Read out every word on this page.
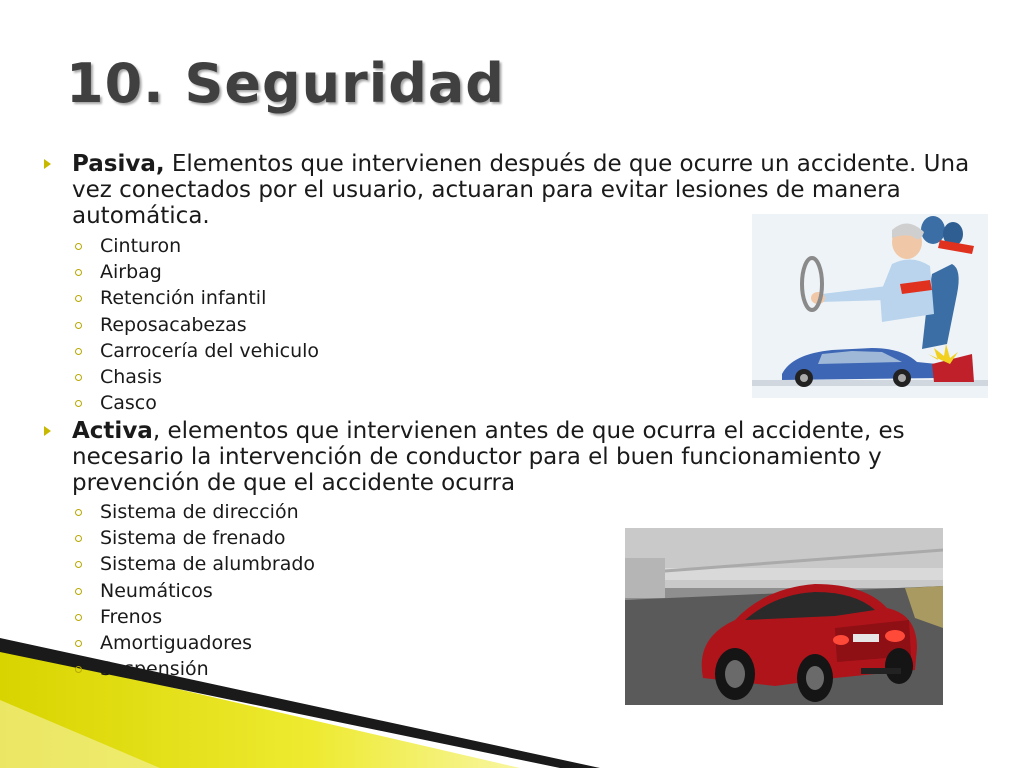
10. Seguridad
Pasiva, Elementos que intervienen después de que ocurre un accidente. Una vez conectados por el usuario, actuaran para evitar lesiones de manera automática.
Cinturon
Airbag
Retención infantil
Reposacabezas
Carrocería del vehiculo
Chasis
Casco
Activa, elementos que intervienen antes de que ocurra el accidente, es necesario la intervención de conductor para el buen funcionamiento y prevención de que el accidente ocurra
Sistema de dirección
Sistema de frenado
Sistema de alumbrado
Neumáticos
Frenos
Amortiguadores
Suspensión
